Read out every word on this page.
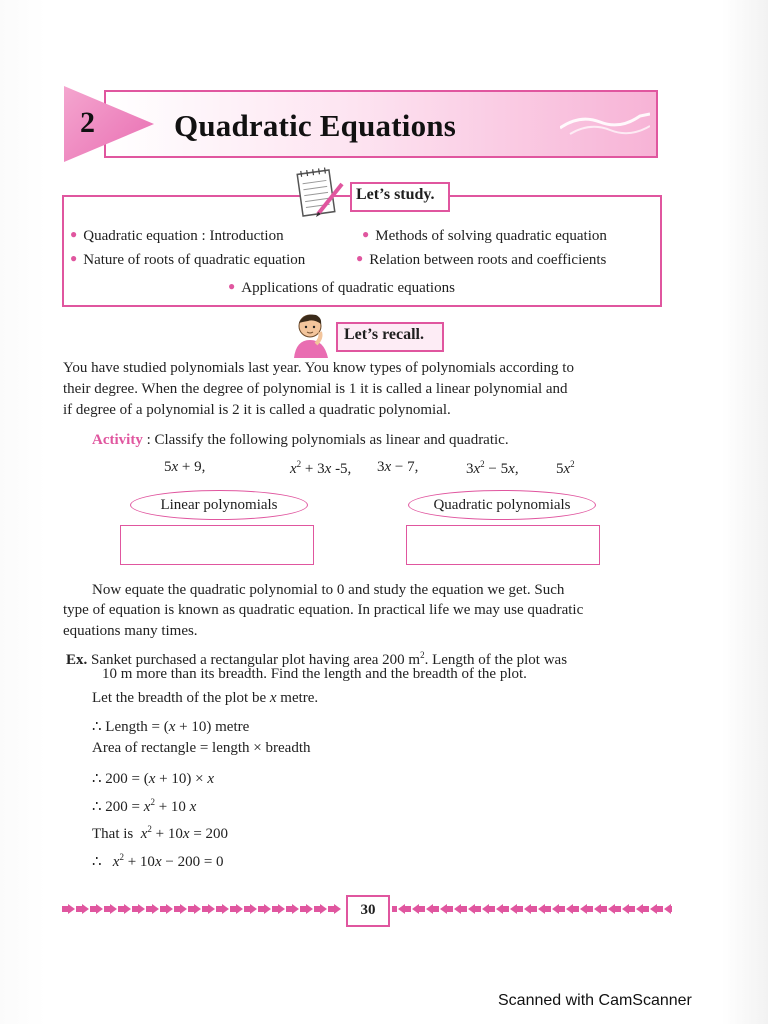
2	Quadratic Equations
Let’s study.
● Quadratic equation : Introduction	● Methods of solving quadratic equation
● Nature of roots of quadratic equation	● Relation between roots and coefficients
● Applications of quadratic equations
Let’s recall.
You have studied polynomials last year. You know types of polynomials according to
their degree. When the degree of polynomial is 1 it is called a linear polynomial and
if degree of a polynomial is 2 it is called a quadratic polynomial.
Activity : Classify the following polynomials as linear and quadratic.
5x + 9,	$x^2 + 3x$ -5, 3x − 7,	$3x^2 - 5x$, $5x^2$
Linear polynomials	Quadratic polynomials
Now equate the quadratic polynomial to 0 and study the equation we get. Such
type of equation is known as quadratic equation. In practical life we may use quadratic
equations many times.
Ex. Sanket purchased a rectangular plot having area 200 $m^2$. Length of the plot was
10 m more than its breadth. Find the length and the breadth of the plot.
Let the breadth of the plot be x metre.
∴ Length = (x + 10) metre
Area of rectangle = length × breadth
∴ 200 = (x + 10) × x
∴ $200 = x^2 + 10$ x
That is  $x^2 + 10x = 200$
∴   $x^2 + 10x - 200 = 0$
30
Scanned with CamScanner
